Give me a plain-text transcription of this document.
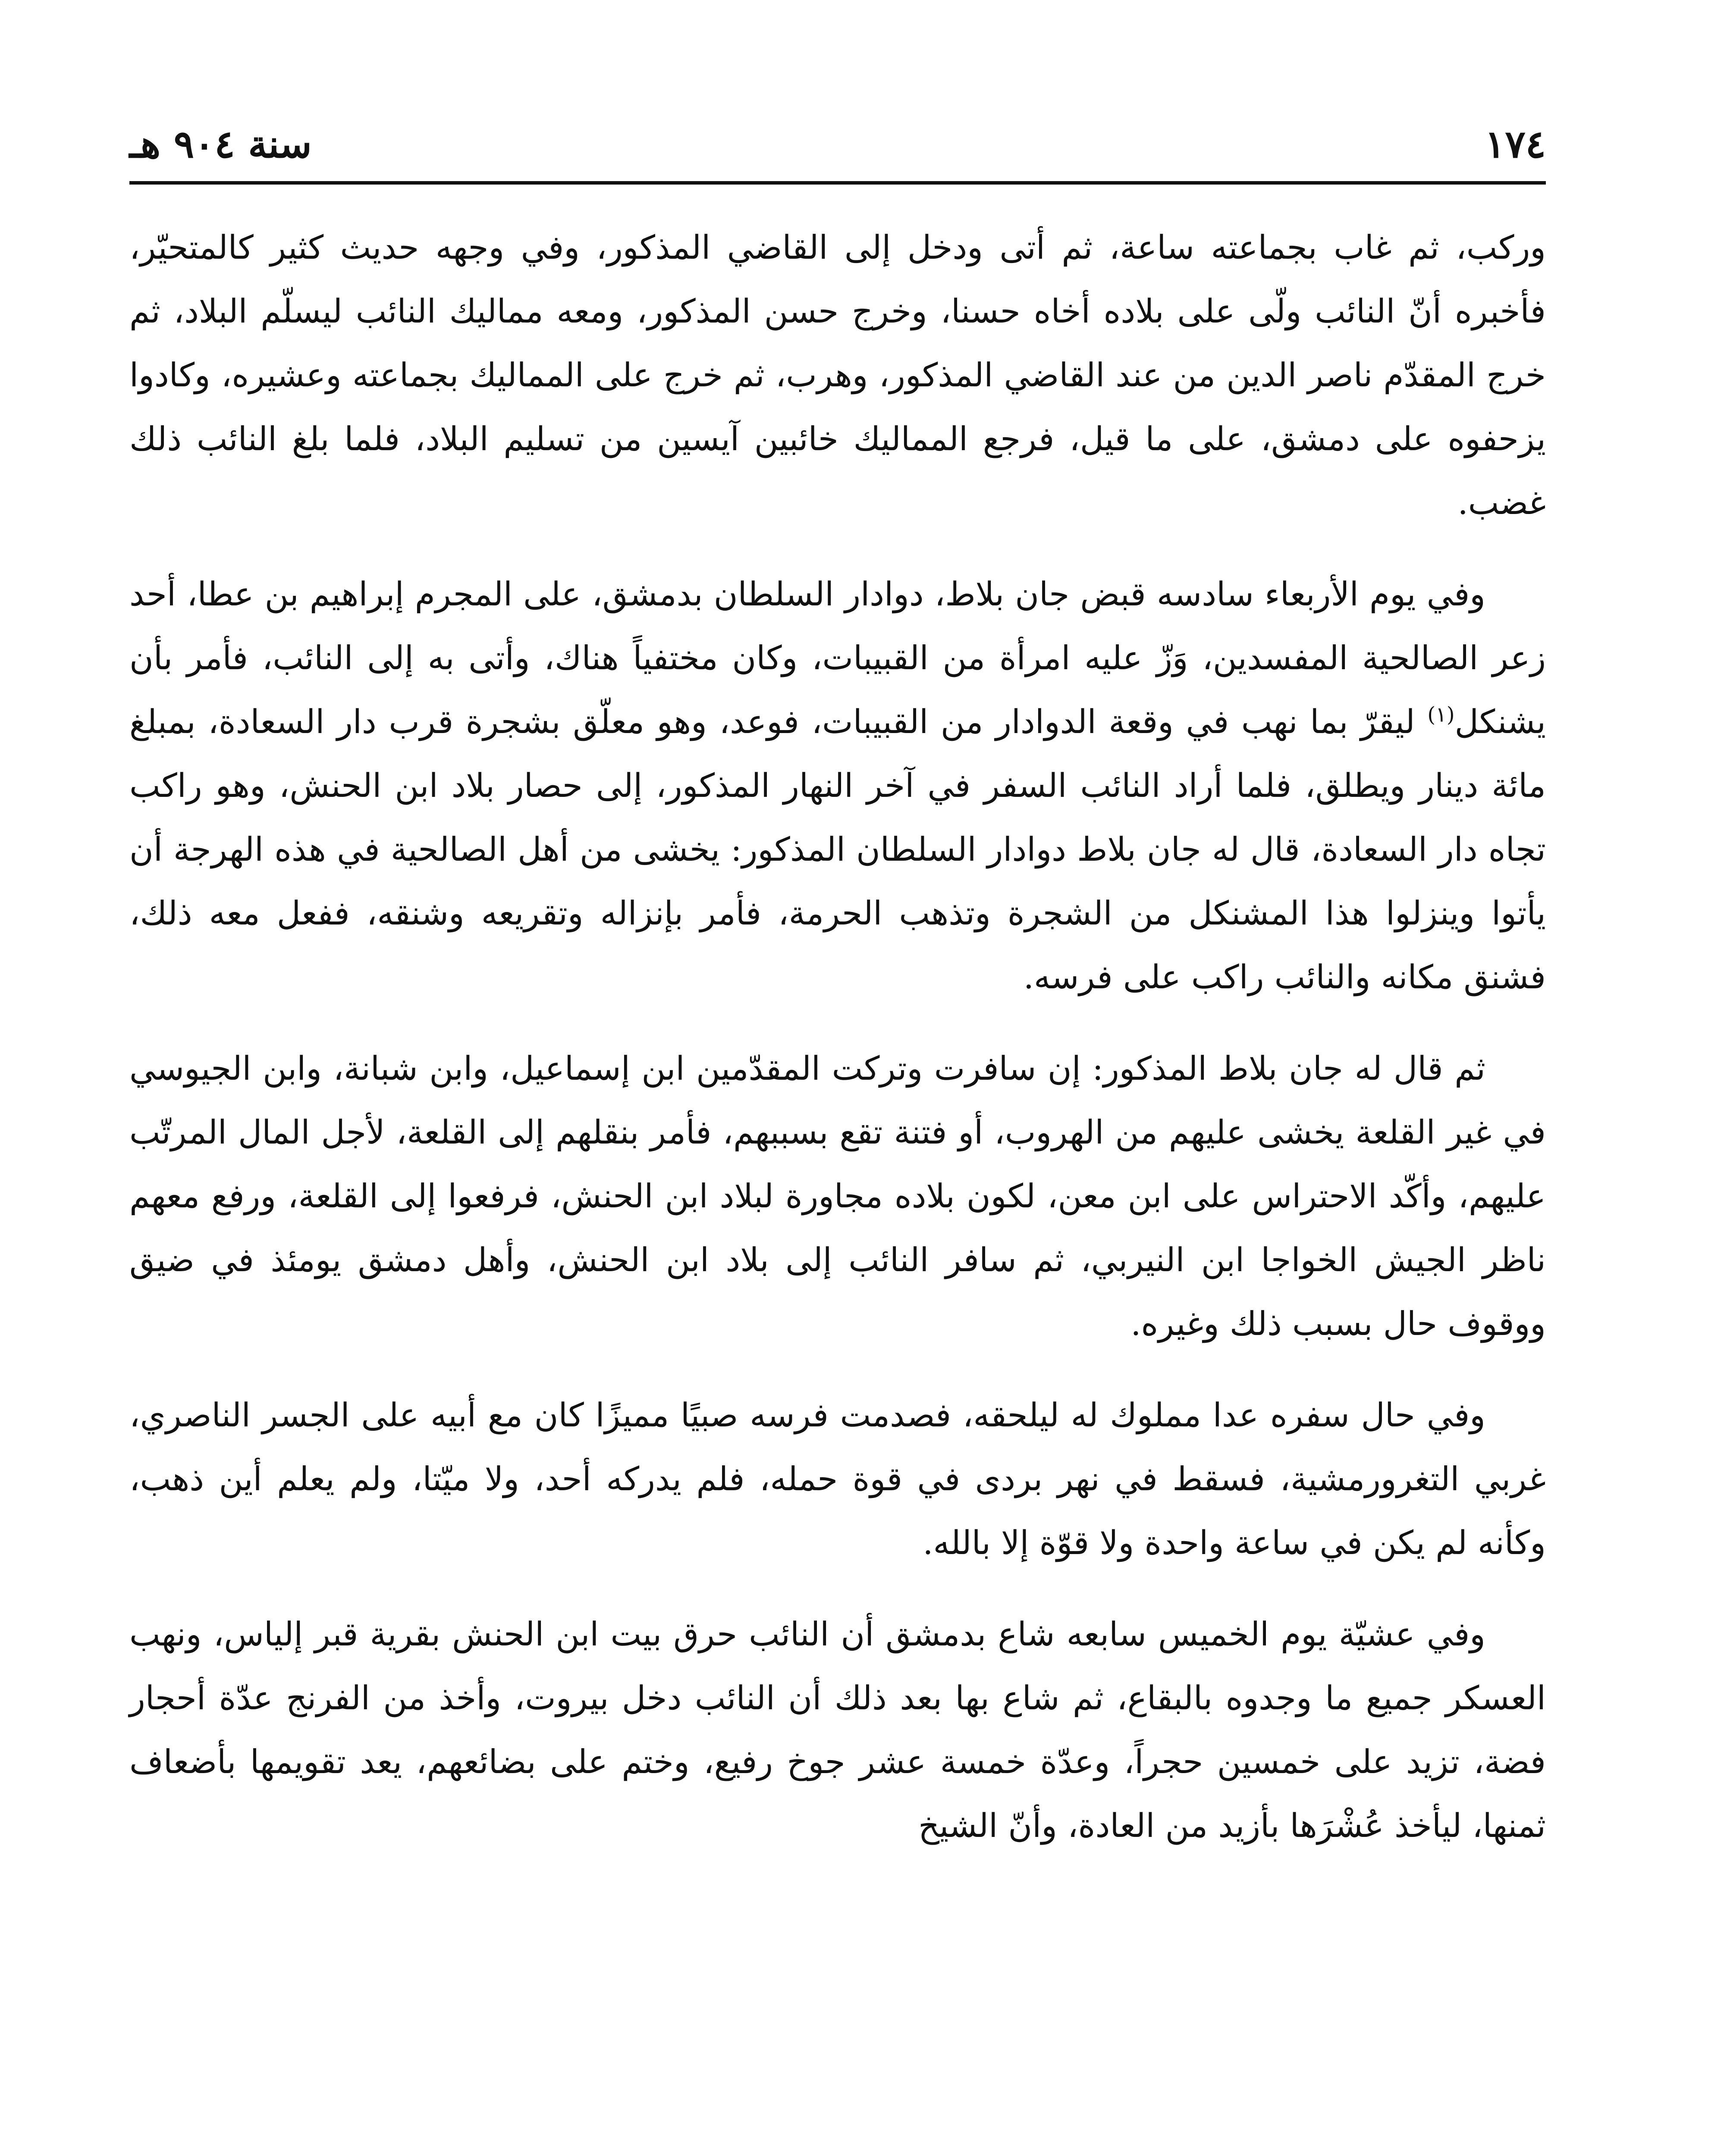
١٧٤
سنة ٩٠٤ هـ

وركب، ثم غاب بجماعته ساعة، ثم أتى ودخل إلى القاضي المذكور، وفي وجهه حديث كثير كالمتحيّر، فأخبره أنّ النائب ولّى على بلاده أخاه حسنا، وخرج حسن المذكور، ومعه مماليك النائب ليسلّم البلاد، ثم خرج المقدّم ناصر الدين من عند القاضي المذكور، وهرب، ثم خرج على المماليك بجماعته وعشيره، وكادوا يزحفوه على دمشق، على ما قيل، فرجع المماليك خائبين آيسين من تسليم البلاد، فلما بلغ النائب ذلك غضب.

وفي يوم الأربعاء سادسه قبض جان بلاط، دوادار السلطان بدمشق، على المجرم إبراهيم بن عطا، أحد زعر الصالحية المفسدين، وَزّ عليه امرأة من القبيبات، وكان مختفياً هناك، وأتى به إلى النائب، فأمر بأن يشنكل$^{(١)}$ ليقرّ بما نهب في وقعة الدوادار من القبيبات، فوعد، وهو معلّق بشجرة قرب دار السعادة، بمبلغ مائة دينار ويطلق، فلما أراد النائب السفر في آخر النهار المذكور، إلى حصار بلاد ابن الحنش، وهو راكب تجاه دار السعادة، قال له جان بلاط دوادار السلطان المذكور: يخشى من أهل الصالحية في هذه الهرجة أن يأتوا وينزلوا هذا المشنكل من الشجرة وتذهب الحرمة، فأمر بإنزاله وتقريعه وشنقه، ففعل معه ذلك، فشنق مكانه والنائب راكب على فرسه.

ثم قال له جان بلاط المذكور: إن سافرت وتركت المقدّمين ابن إسماعيل، وابن شبانة، وابن الجيوسي في غير القلعة يخشى عليهم من الهروب، أو فتنة تقع بسببهم، فأمر بنقلهم إلى القلعة، لأجل المال المرتّب عليهم، وأكّد الاحتراس على ابن معن، لكون بلاده مجاورة لبلاد ابن الحنش، فرفعوا إلى القلعة، ورفع معهم ناظر الجيش الخواجا ابن النيربي، ثم سافر النائب إلى بلاد ابن الحنش، وأهل دمشق يومئذ في ضيق ووقوف حال بسبب ذلك وغيره.

وفي حال سفره عدا مملوك له ليلحقه، فصدمت فرسه صبيًا مميزًا كان مع أبيه على الجسر الناصري، غربي التغرورمشية، فسقط في نهر بردى في قوة حمله، فلم يدركه أحد، ولا ميّتا، ولم يعلم أين ذهب، وكأنه لم يكن في ساعة واحدة ولا قوّة إلا بالله.

وفي عشيّة يوم الخميس سابعه شاع بدمشق أن النائب حرق بيت ابن الحنش بقرية قبر إلياس، ونهب العسكر جميع ما وجدوه بالبقاع، ثم شاع بها بعد ذلك أن النائب دخل بيروت، وأخذ من الفرنج عدّة أحجار فضة، تزيد على خمسين حجراً، وعدّة خمسة عشر جوخ رفيع، وختم على بضائعهم، يعد تقويمها بأضعاف ثمنها، ليأخذ عُشْرَها بأزيد من العادة، وأنّ الشيخ
